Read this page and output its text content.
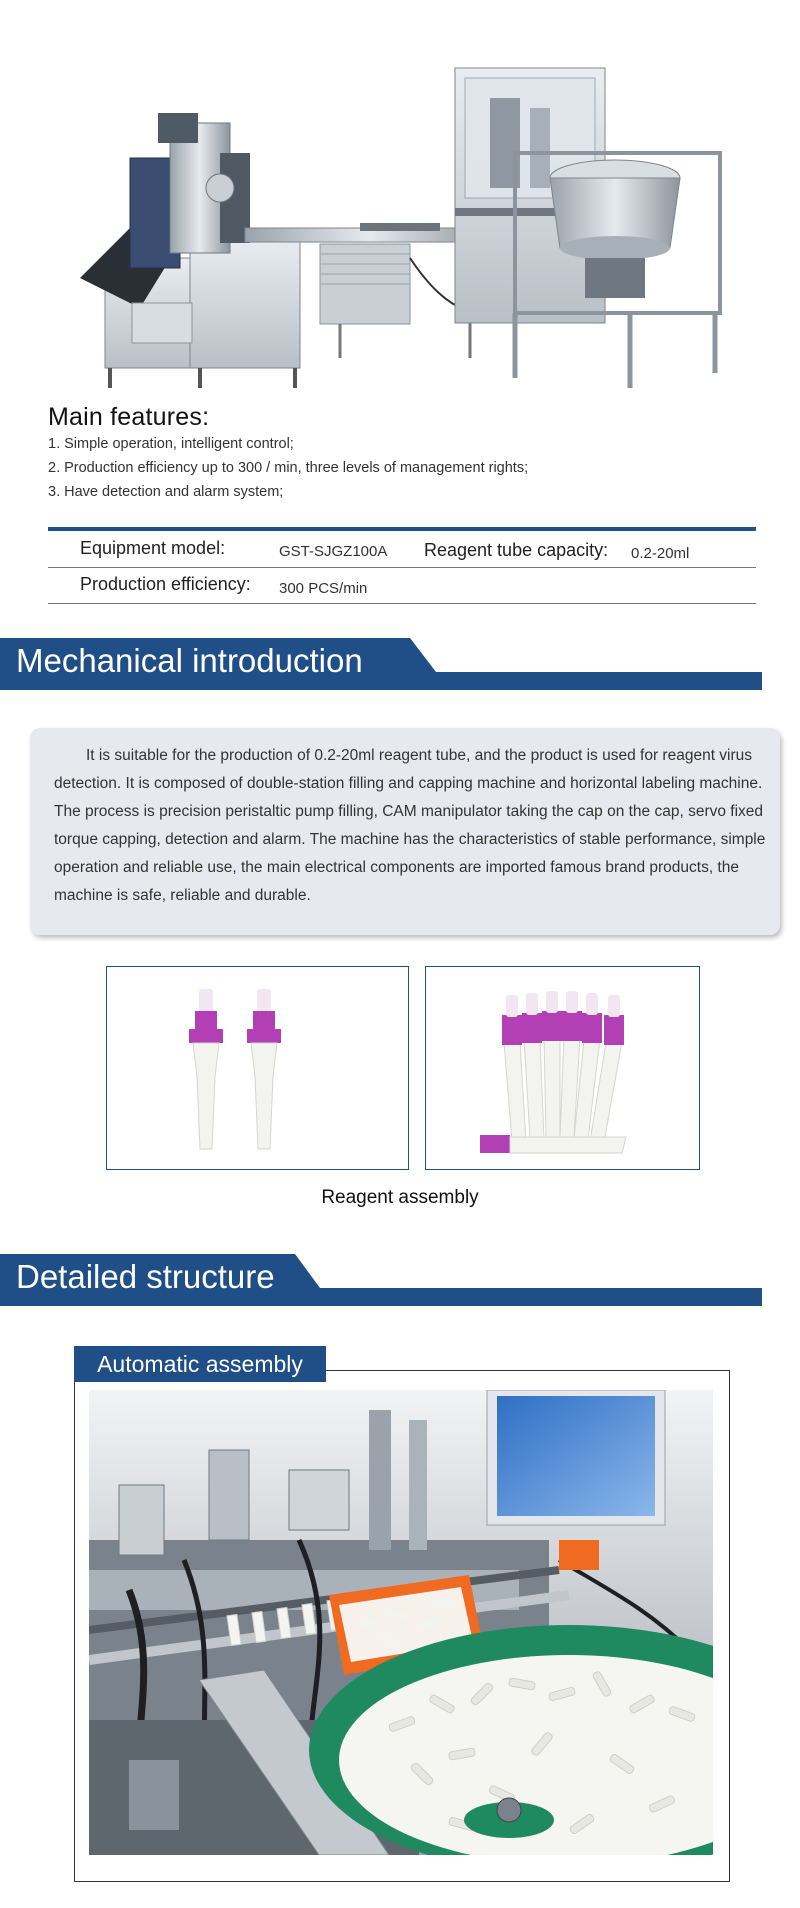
Main features:
1. Simple operation, intelligent control;
2. Production efficiency up to 300 / min, three levels of management rights;
3. Have detection and alarm system;
Equipment model:	GST-SJGZ100A Reagent tube capacity: 0.2-20ml
Production efficiency: 300 PCS/min
Mechanical introduction

It is suitable for the production of 0.2-20ml reagent tube, and the product is used for reagent virus detection. It is composed of double-station filling and capping machine and horizontal labeling machine. The process is precision peristaltic pump filling, CAM manipulator taking the cap on the cap, servo fixed torque capping, detection and alarm. The machine has the characteristics of stable performance, simple operation and reliable use, the main electrical components are imported famous brand products, the machine is safe, reliable and durable.

Reagent assembly
Detailed structure
Automatic assembly
